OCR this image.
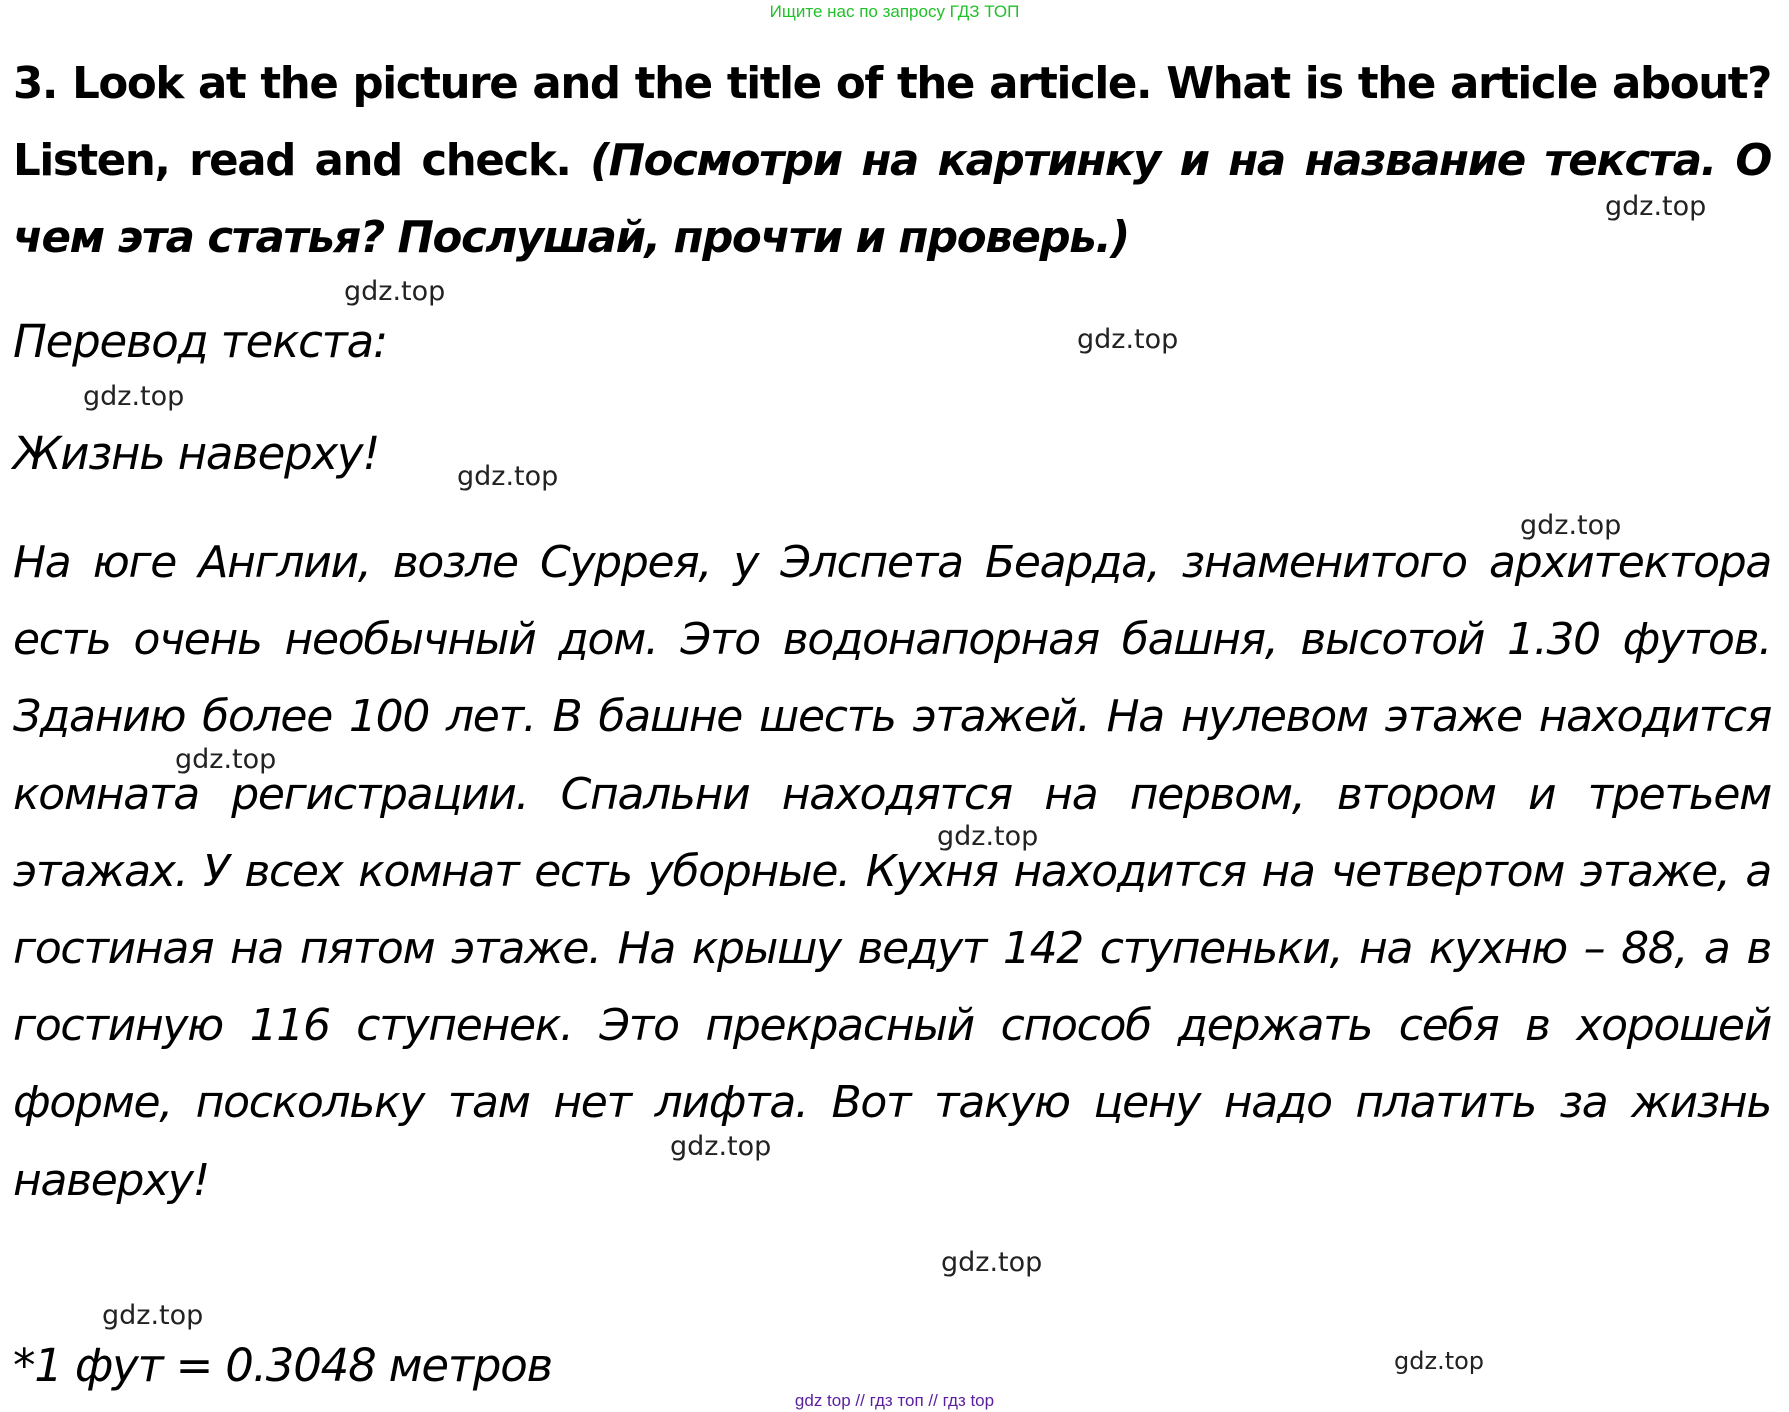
Ищите нас по запросу ГДЗ ТОП
3. Look at the picture and the title of the article. What is the article about? Listen, read and check. (Посмотри на картинку и на название текста. О чем эта статья? Послушай, прочти и проверь.)
Перевод текста:
Жизнь наверху!
На юге Англии, возле Суррея, у Элспета Беарда, знаменитого архитектора есть очень необычный дом. Это водонапорная башня, высотой 1.30 футов. Зданию более 100 лет. В башне шесть этажей. На нулевом этаже находится комната регистрации. Спальни находятся на первом, втором и третьем этажах. У всех комнат есть уборные. Кухня находится на четвертом этаже, а гостиная на пятом этаже. На крышу ведут 142 ступеньки, на кухню – 88, а в гостиную 116 ступенек. Это прекрасный способ держать себя в хорошей форме, поскольку там нет лифта. Вот такую цену надо платить за жизнь наверху!
*1 фут = 0.3048 метров
gdz.top
gdz.top
gdz.top
gdz.top
gdz.top
gdz.top
gdz.top
gdz.top
gdz.top
gdz.top
gdz.top
gdz.top
gdz top // гдз топ // гдз top
